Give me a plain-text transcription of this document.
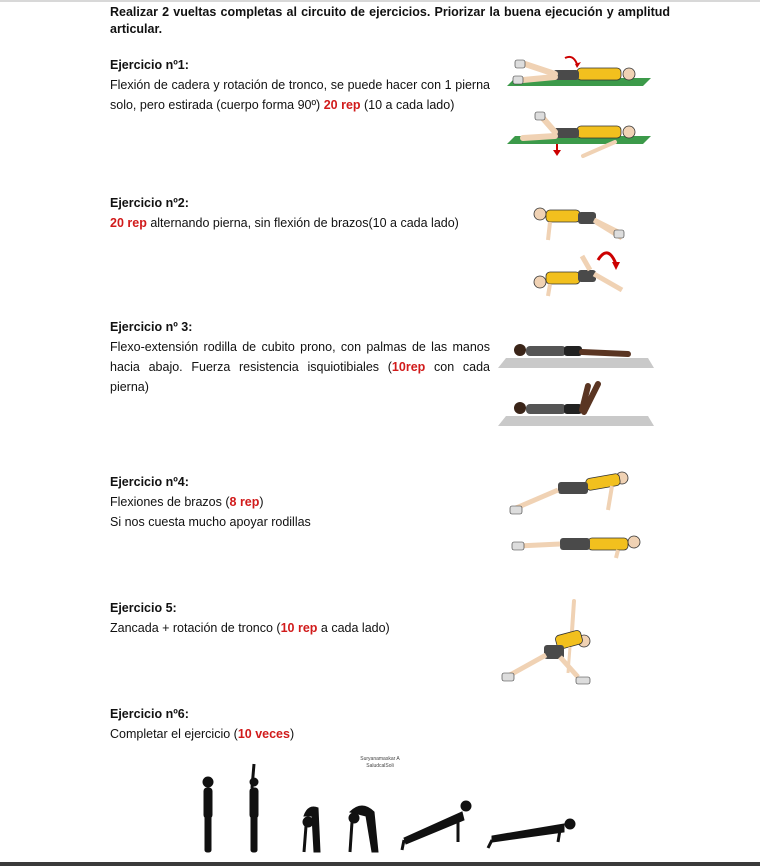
Realizar 2 vueltas completas al circuito de ejercicios. Priorizar la buena ejecución y amplitud articular.
Ejercicio nº1:

Flexión de cadera y rotación de tronco, se puede hacer con 1 pierna solo, pero estirada (cuerpo forma 90º) 20 rep (10 a cada lado)

Ejercicio nº2:

20 rep alternando pierna, sin flexión de brazos(10 a cada lado)

Ejercicio nº 3:

Flexo-extensión rodilla de cubito prono, con palmas de las manos hacia abajo. Fuerza resistencia isquiotibiales (10rep con cada pierna)

Ejercicio nº4:

Flexiones de brazos (8 rep)

Si nos cuesta mucho apoyar rodillas

Ejercicio 5:

Zancada + rotación de tronco (10 rep a cada lado)

Ejercicio nº6:

Completar el ejercicio (10 veces)

Suryanamaskar A
SaludcalSoli
